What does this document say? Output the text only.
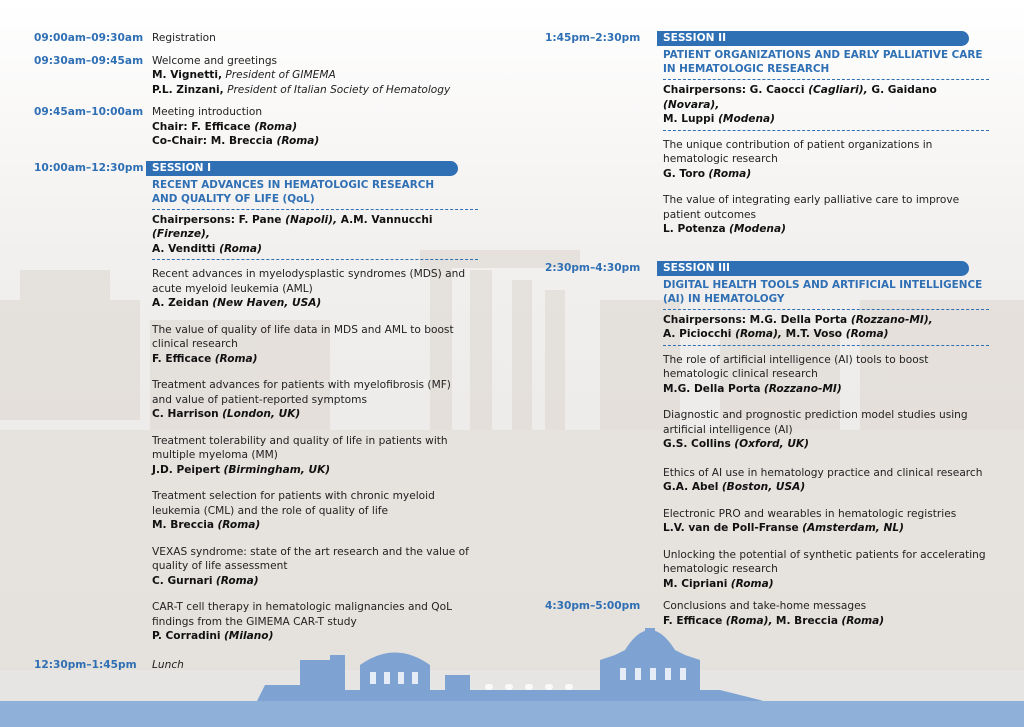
09:00am–09:30am Registration
09:30am–09:45am Welcome and greetings
M. Vignetti, President of GIMEMA
P.L. Zinzani, President of Italian Society of Hematology
09:45am–10:00am Meeting introduction
Chair: F. Efficace (Roma)
Co-Chair: M. Breccia (Roma)
10:00am–12:30pm SESSION I
RECENT ADVANCES IN HEMATOLOGIC RESEARCH
AND QUALITY OF LIFE (QoL)
Chairpersons: F. Pane (Napoli), A.M. Vannucchi (Firenze),
A. Venditti (Roma)
Recent advances in myelodysplastic syndromes (MDS) and
acute myeloid leukemia (AML)
A. Zeidan (New Haven, USA)
The value of quality of life data in MDS and AML to boost
clinical research
F. Efficace (Roma)
Treatment advances for patients with myelofibrosis (MF)
and value of patient-reported symptoms
C. Harrison (London, UK)
Treatment tolerability and quality of life in patients with
multiple myeloma (MM)
J.D. Peipert (Birmingham, UK)
Treatment selection for patients with chronic myeloid
leukemia (CML) and the role of quality of life
M. Breccia (Roma)
VEXAS syndrome: state of the art research and the value of
quality of life assessment
C. Gurnari (Roma)
CAR-T cell therapy in hematologic malignancies and QoL
findings from the GIMEMA CAR-T study
P. Corradini (Milano)
12:30pm–1:45pm	Lunch
1:45pm–2:30pm	SESSION II
PATIENT ORGANIZATIONS AND EARLY PALLIATIVE CARE
IN HEMATOLOGIC RESEARCH
Chairpersons: G. Caocci (Cagliari), G. Gaidano (Novara),
M. Luppi (Modena)
The unique contribution of patient organizations in
hematologic research
G. Toro (Roma)
The value of integrating early palliative care to improve
patient outcomes
L. Potenza (Modena)
2:30pm–4:30pm	SESSION III
DIGITAL HEALTH TOOLS AND ARTIFICIAL INTELLIGENCE
(AI) IN HEMATOLOGY
Chairpersons: M.G. Della Porta (Rozzano-MI),
A. Piciocchi (Roma), M.T. Voso (Roma)
The role of artificial intelligence (AI) tools to boost
hematologic clinical research
M.G. Della Porta (Rozzano-MI)
Diagnostic and prognostic prediction model studies using
artificial intelligence (AI)
G.S. Collins (Oxford, UK)
Ethics of AI use in hematology practice and clinical research
G.A. Abel (Boston, USA)
Electronic PRO and wearables in hematologic registries
L.V. van de Poll-Franse (Amsterdam, NL)
Unlocking the potential of synthetic patients for accelerating
hematologic research
M. Cipriani (Roma)
4:30pm–5:00pm	Conclusions and take-home messages
F. Efficace (Roma), M. Breccia (Roma)
